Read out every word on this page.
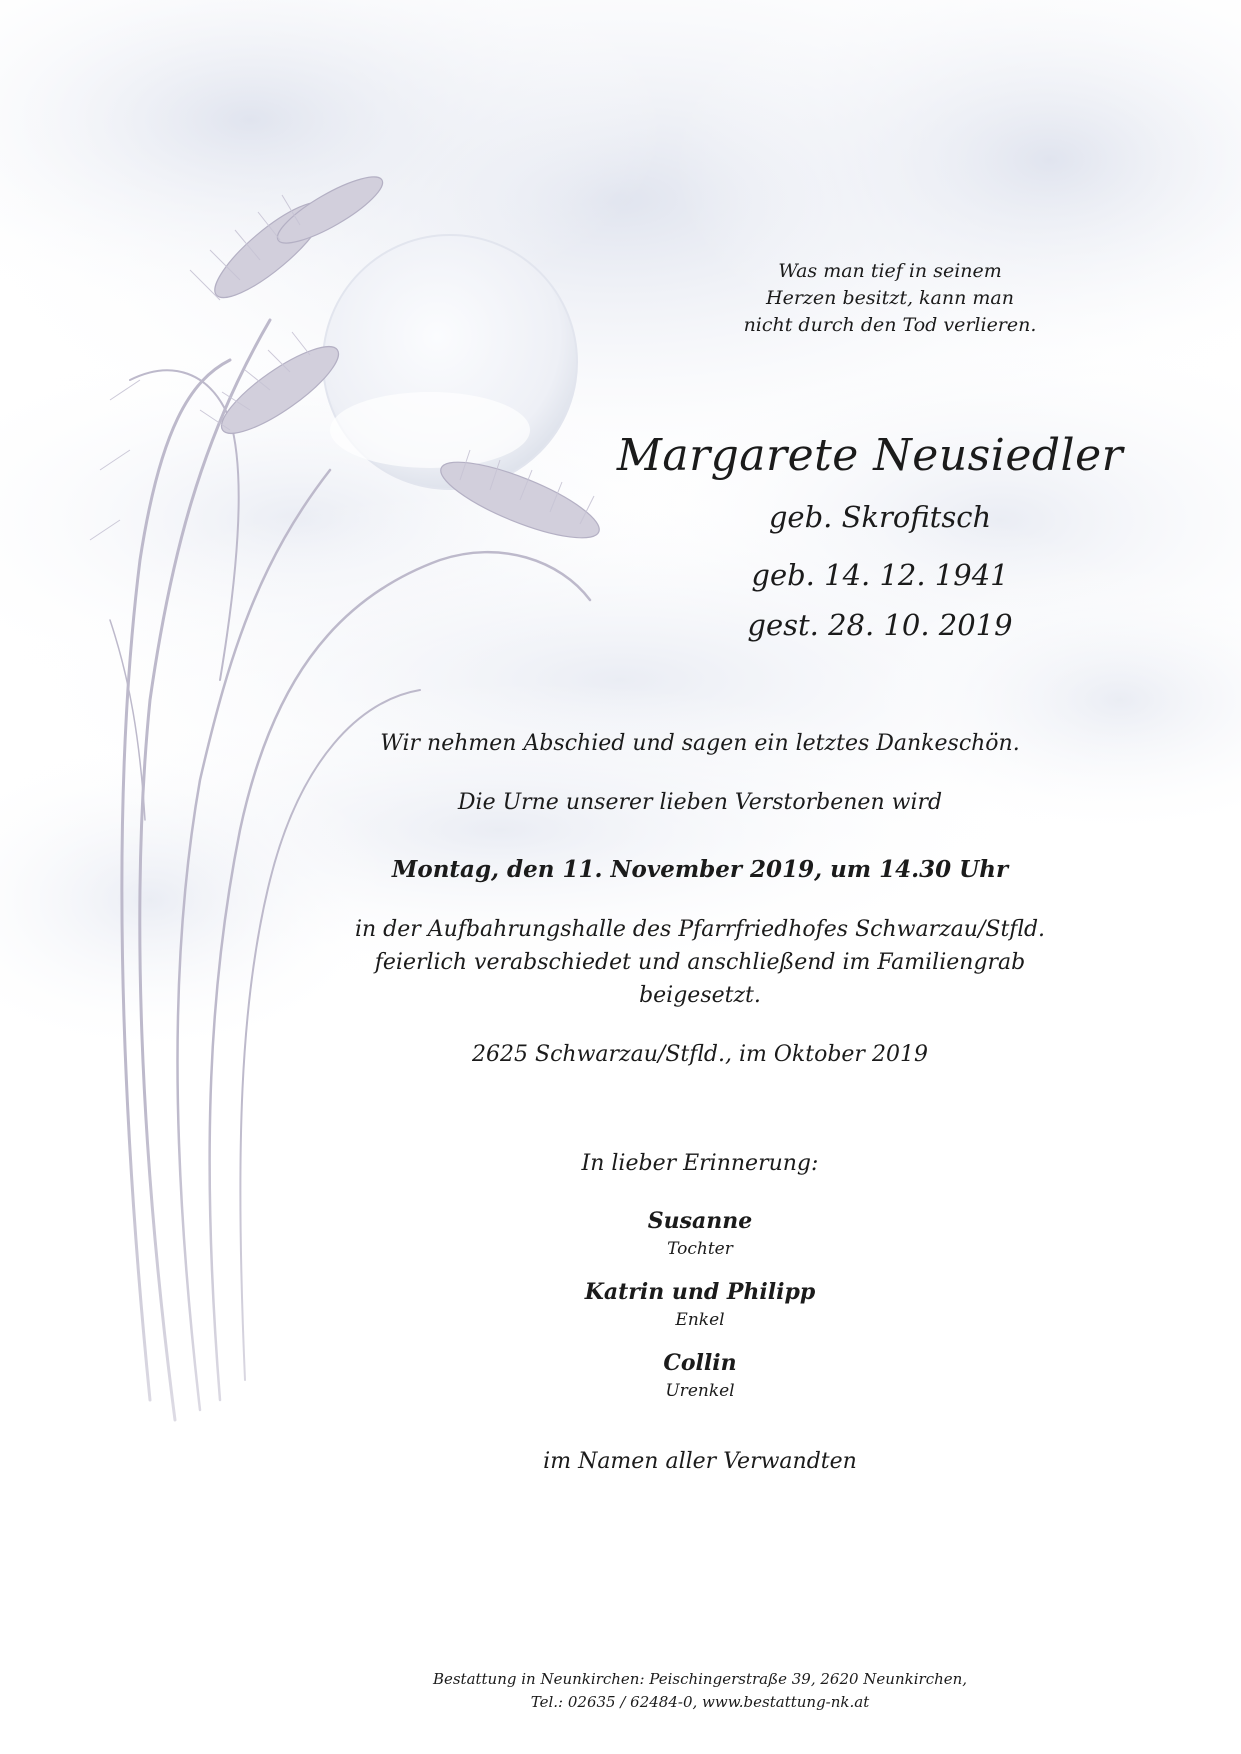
Was man tief in seinem
Herzen besitzt, kann man
nicht durch den Tod verlieren.
Margarete Neusiedler
geb. Skrofitsch
geb. 14. 12. 1941
gest. 28. 10. 2019
Wir nehmen Abschied und sagen ein letztes Dankeschön.
Die Urne unserer lieben Verstorbenen wird
Montag, den 11. November 2019, um 14.30 Uhr
in der Aufbahrungshalle des Pfarrfriedhofes Schwarzau/Stfld.
feierlich verabschiedet und anschließend im Familiengrab
beigesetzt.
2625 Schwarzau/Stfld., im Oktober 2019
In lieber Erinnerung:
Susanne
Tochter
Katrin und Philipp
Enkel
Collin
Urenkel
im Namen aller Verwandten
Bestattung in Neunkirchen: Peischingerstraße 39, 2620 Neunkirchen,
Tel.: 02635 / 62484-0, www.bestattung-nk.at
